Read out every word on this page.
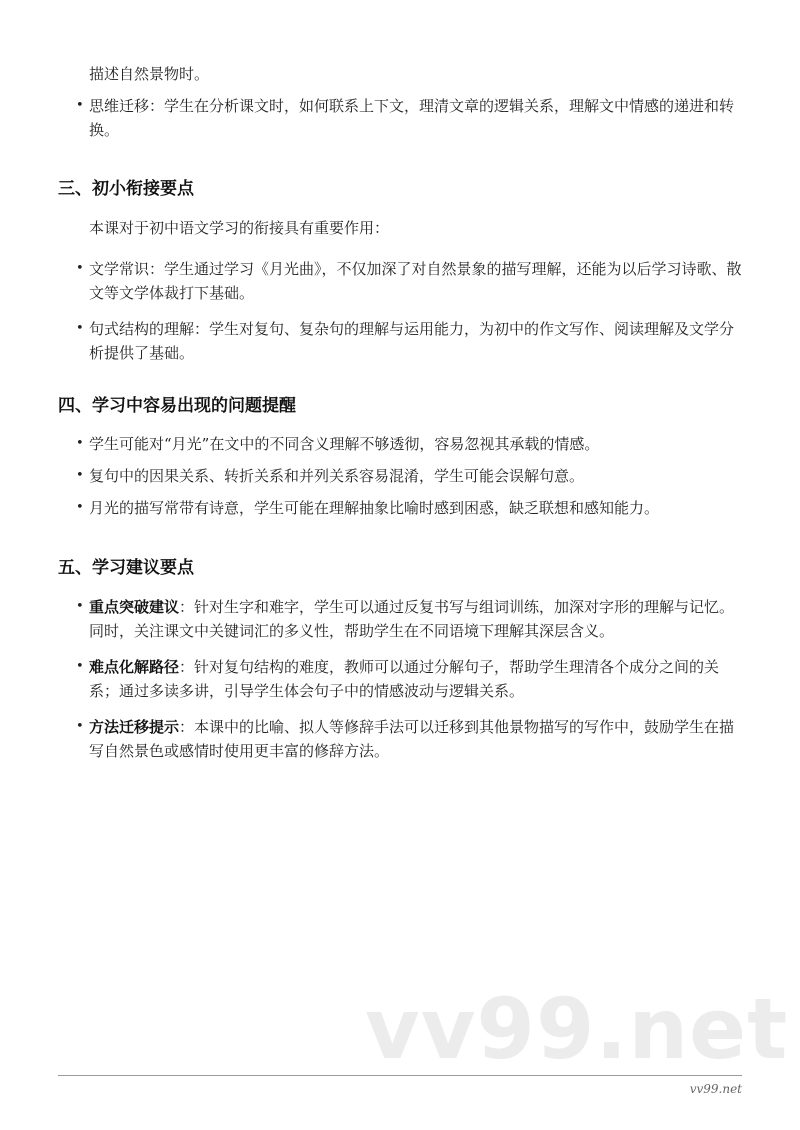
描述自然景物时。

• 思维迁移：学生在分析课文时，如何联系上下文，理清文章的逻辑关系，理解文中情感的递进和转换。
三、初小衔接要点

本课对于初中语文学习的衔接具有重要作用：

• 文学常识：学生通过学习《月光曲》，不仅加深了对自然景象的描写理解，还能为以后学习诗歌、散文等文学体裁打下基础。
• 句式结构的理解：学生对复句、复杂句的理解与运用能力，为初中的作文写作、阅读理解及文学分析提供了基础。
四、学习中容易出现的问题提醒
• 学生可能对“月光”在文中的不同含义理解不够透彻，容易忽视其承载的情感。
• 复句中的因果关系、转折关系和并列关系容易混淆，学生可能会误解句意。
• 月光的描写常带有诗意，学生可能在理解抽象比喻时感到困惑，缺乏联想和感知能力。
五、学习建议要点
• 重点突破建议：针对生字和难字，学生可以通过反复书写与组词训练，加深对字形的理解与记忆。同时，关注课文中关键词汇的多义性，帮助学生在不同语境下理解其深层含义。
• 难点化解路径：针对复句结构的难度，教师可以通过分解句子，帮助学生理清各个成分之间的关系；通过多读多讲，引导学生体会句子中的情感波动与逻辑关系。
• 方法迁移提示：本课中的比喻、拟人等修辞手法可以迁移到其他景物描写的写作中，鼓励学生在描写自然景色或感情时使用更丰富的修辞方法。
vv99.net
vv99.net
